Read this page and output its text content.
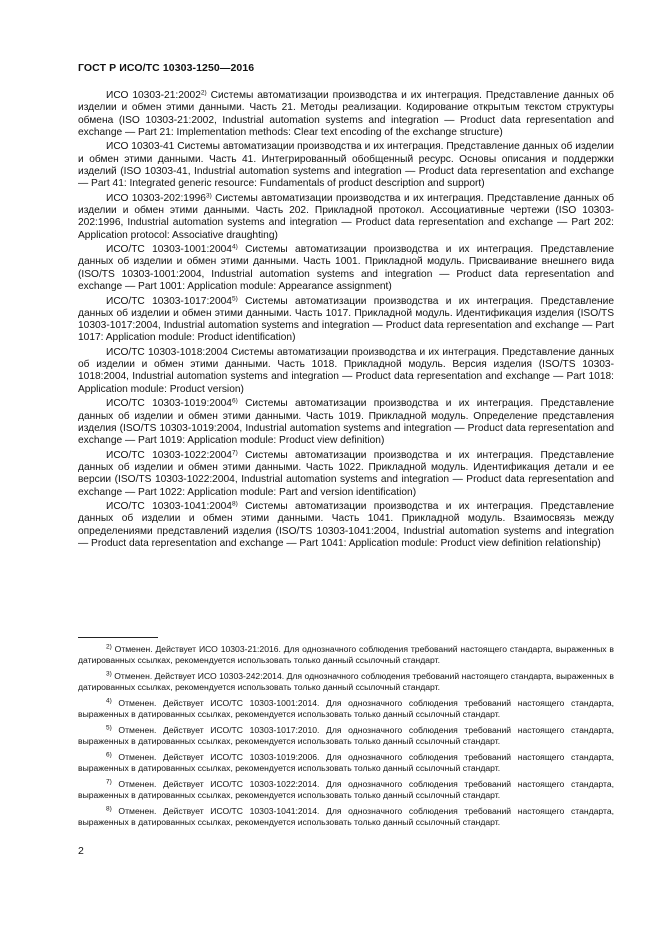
ГОСТ Р ИСО/ТС 10303-1250—2016

ИСО 10303-21:2002$^{2)}$ Системы автоматизации производства и их интеграция. Представление данных об изделии и обмен этими данными. Часть 21. Методы реализации. Кодирование открытым текстом структуры обмена (ISO 10303-21:2002, Industrial automation systems and integration — Product data representation and exchange — Part 21: Implementation methods: Clear text encoding of the exchange structure)

ИСО 10303-41 Системы автоматизации производства и их интеграция. Представление данных об изделии и обмен этими данными. Часть 41. Интегрированный обобщенный ресурс. Основы описания и поддержки изделий (ISO 10303-41, Industrial automation systems and integration — Product data representation and exchange — Part 41: Integrated generic resource: Fundamentals of product description and support)

ИСО 10303-202:1996$^{3)}$ Системы автоматизации производства и их интеграция. Представление данных об изделии и обмен этими данными. Часть 202. Прикладной протокол. Ассоциативные чертежи (ISO 10303-202:1996, Industrial automation systems and integration — Product data representation and exchange — Part 202: Application protocol: Associative draughting)

ИСО/ТС 10303-1001:2004$^{4)}$ Системы автоматизации производства и их интеграция. Представление данных об изделии и обмен этими данными. Часть 1001. Прикладной модуль. Присваивание внешнего вида (ISO/TS 10303-1001:2004, Industrial automation systems and integration — Product data representation and exchange — Part 1001: Application module: Appearance assignment)

ИСО/ТС 10303-1017:2004$^{5)}$ Системы автоматизации производства и их интеграция. Представление данных об изделии и обмен этими данными. Часть 1017. Прикладной модуль. Идентификация изделия (ISO/TS 10303-1017:2004, Industrial automation systems and integration — Product data representation and exchange — Part 1017: Application module: Product identification)

ИСО/ТС 10303-1018:2004 Системы автоматизации производства и их интеграция. Представление данных об изделии и обмен этими данными. Часть 1018. Прикладной модуль. Версия изделия (ISO/TS 10303-1018:2004, Industrial automation systems and integration — Product data representation and exchange — Part 1018: Application module: Product version)

ИСО/ТС 10303-1019:2004$^{6)}$ Системы автоматизации производства и их интеграция. Представление данных об изделии и обмен этими данными. Часть 1019. Прикладной модуль. Определение представления изделия (ISO/TS 10303-1019:2004, Industrial automation systems and integration — Product data representation and exchange — Part 1019: Application module: Product view definition)

ИСО/ТС 10303-1022:2004$^{7)}$ Системы автоматизации производства и их интеграция. Представление данных об изделии и обмен этими данными. Часть 1022. Прикладной модуль. Идентификация детали и ее версии (ISO/TS 10303-1022:2004, Industrial automation systems and integration — Product data representation and exchange — Part 1022: Application module: Part and version identification)

ИСО/ТС 10303-1041:2004$^{8)}$ Системы автоматизации производства и их интеграция. Представление данных об изделии и обмен этими данными. Часть 1041. Прикладной модуль. Взаимосвязь между определениями представлений изделия (ISO/TS 10303-1041:2004, Industrial automation systems and integration — Product data representation and exchange — Part 1041: Application module: Product view definition relationship)

$^{2)}$ Отменен. Действует ИСО 10303-21:2016. Для однозначного соблюдения требований настоящего стандарта, выраженных в датированных ссылках, рекомендуется использовать только данный ссылочный стандарт.

$^{3)}$ Отменен. Действует ИСО 10303-242:2014. Для однозначного соблюдения требований настоящего стандарта, выраженных в датированных ссылках, рекомендуется использовать только данный ссылочный стандарт.

$^{4)}$ Отменен. Действует ИСО/ТС 10303-1001:2014. Для однозначного соблюдения требований настоящего стандарта, выраженных в датированных ссылках, рекомендуется использовать только данный ссылочный стандарт.

$^{5)}$ Отменен. Действует ИСО/ТС 10303-1017:2010. Для однозначного соблюдения требований настоящего стандарта, выраженных в датированных ссылках, рекомендуется использовать только данный ссылочный стандарт.

$^{6)}$ Отменен. Действует ИСО/ТС 10303-1019:2006. Для однозначного соблюдения требований настоящего стандарта, выраженных в датированных ссылках, рекомендуется использовать только данный ссылочный стандарт.

$^{7)}$ Отменен. Действует ИСО/ТС 10303-1022:2014. Для однозначного соблюдения требований настоящего стандарта, выраженных в датированных ссылках, рекомендуется использовать только данный ссылочный стандарт.

$^{8)}$ Отменен. Действует ИСО/ТС 10303-1041:2014. Для однозначного соблюдения требований настоящего стандарта, выраженных в датированных ссылках, рекомендуется использовать только данный ссылочный стандарт.

2
